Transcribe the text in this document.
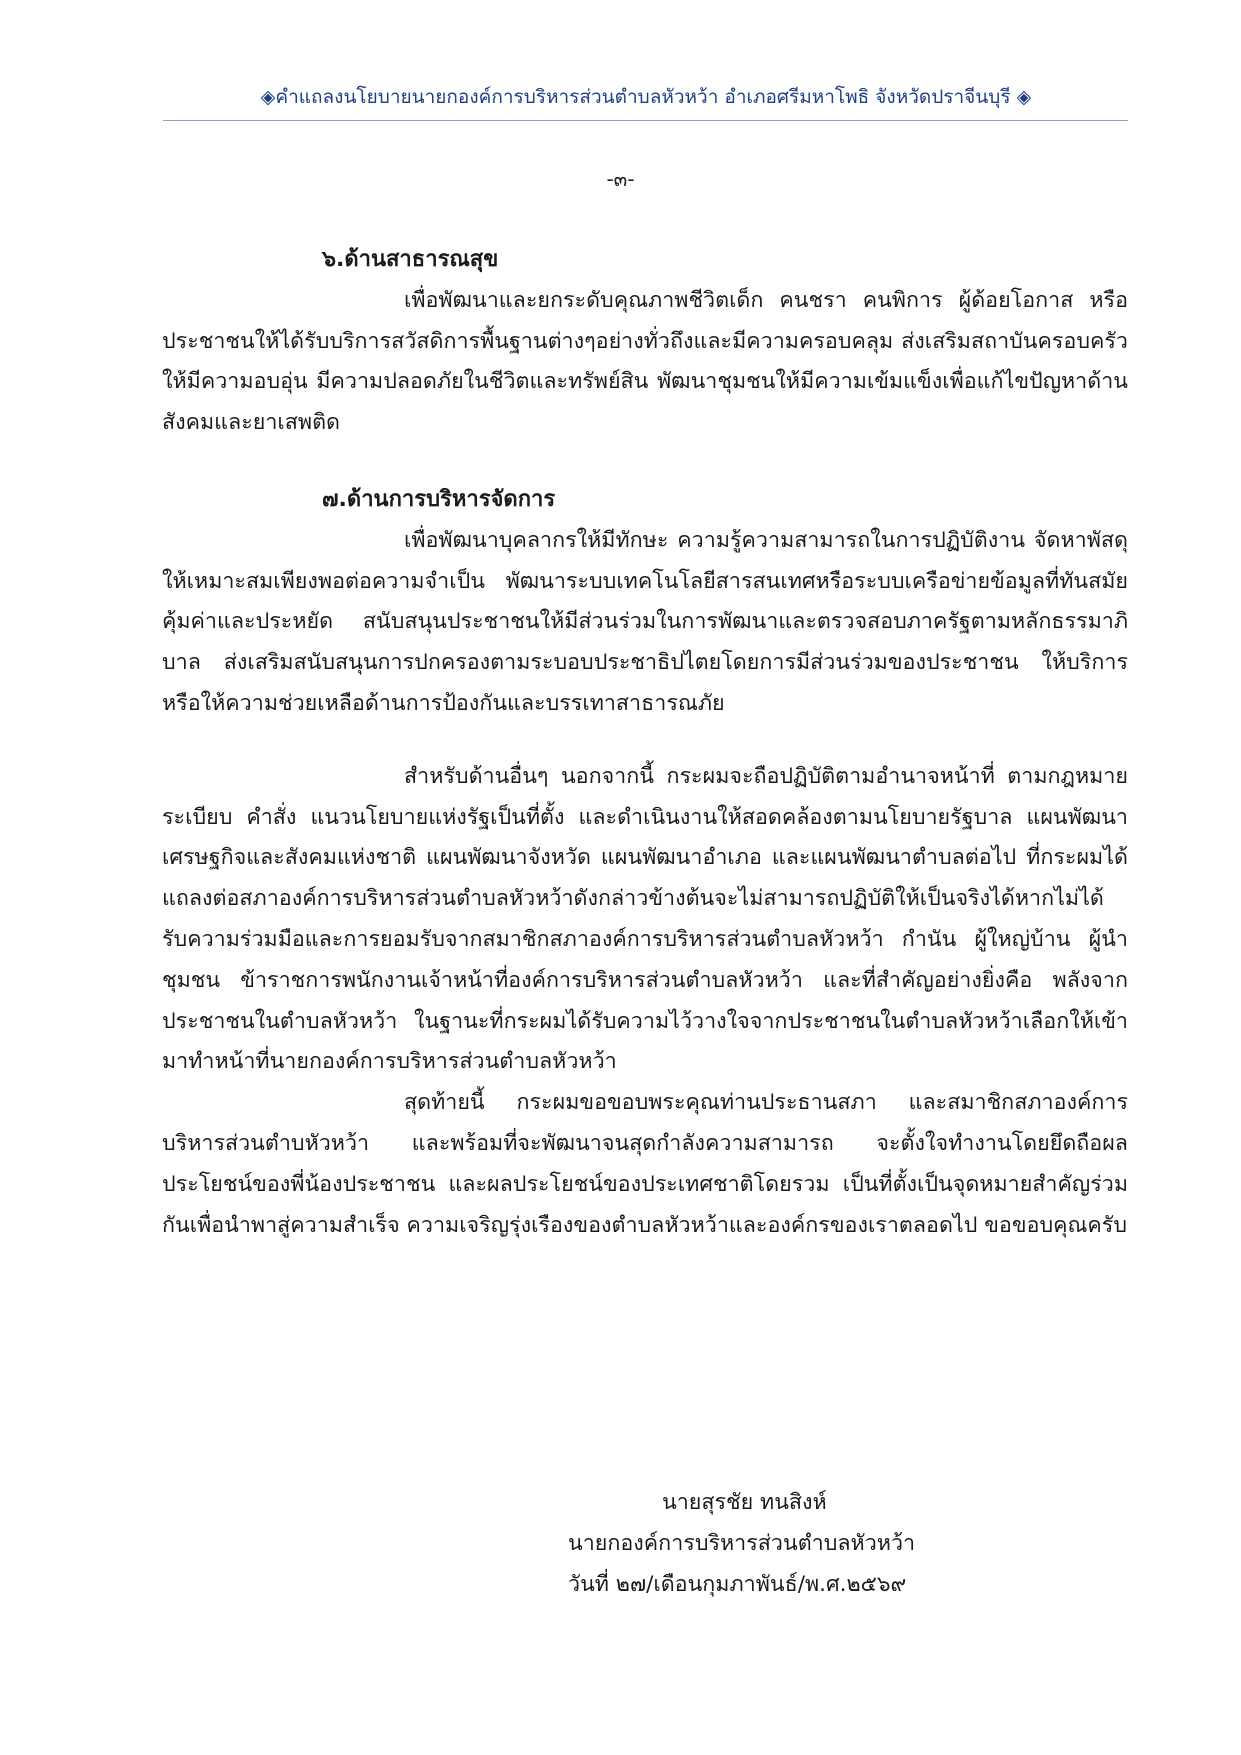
◈คำแถลงนโยบายนายกองค์การบริหารส่วนตำบลหัวหว้า อำเภอศรีมหาโพธิ จังหวัดปราจีนบุรี ◈
-๓-
๖.ด้านสาธารณสุข

เพื่อพัฒนาและยกระดับคุณภาพชีวิตเด็ก คนชรา คนพิการ ผู้ด้อยโอกาส หรือประชาชนให้ได้รับบริการสวัสดิการพื้นฐานต่างๆอย่างทั่วถึงและมีความครอบคลุม ส่งเสริมสถาบันครอบครัวให้มีความอบอุ่น มีความปลอดภัยในชีวิตและทรัพย์สิน พัฒนาชุมชนให้มีความเข้มแข็งเพื่อแก้ไขปัญหาด้านสังคมและยาเสพติด

๗.ด้านการบริหารจัดการ

เพื่อพัฒนาบุคลากรให้มีทักษะ ความรู้ความสามารถในการปฏิบัติงาน จัดหาพัสดุให้เหมาะสมเพียงพอต่อความจำเป็น พัฒนาระบบเทคโนโลยีสารสนเทศหรือระบบเครือข่ายข้อมูลที่ทันสมัย คุ้มค่าและประหยัด สนับสนุนประชาชนให้มีส่วนร่วมในการพัฒนาและตรวจสอบภาครัฐตามหลักธรรมาภิบาล ส่งเสริมสนับสนุนการปกครองตามระบอบประชาธิปไตยโดยการมีส่วนร่วมของประชาชน ให้บริการหรือให้ความช่วยเหลือด้านการป้องกันและบรรเทาสาธารณภัย

สำหรับด้านอื่นๆ นอกจากนี้ กระผมจะถือปฏิบัติตามอำนาจหน้าที่ ตามกฎหมาย ระเบียบ คำสั่ง แนวนโยบายแห่งรัฐเป็นที่ตั้ง และดำเนินงานให้สอดคล้องตามนโยบายรัฐบาล แผนพัฒนาเศรษฐกิจและสังคมแห่งชาติ แผนพัฒนาจังหวัด แผนพัฒนาอำเภอ และแผนพัฒนาตำบลต่อไป ที่กระผมได้แถลงต่อสภาองค์การบริหารส่วนตำบลหัวหว้าดังกล่าวข้างต้นจะไม่สามารถปฏิบัติให้เป็นจริงได้หากไม่ได้รับความร่วมมือและการยอมรับจากสมาชิกสภาองค์การบริหารส่วนตำบลหัวหว้า กำนัน ผู้ใหญ่บ้าน ผู้นำชุมชน ข้าราชการพนักงานเจ้าหน้าที่องค์การบริหารส่วนตำบลหัวหว้า และที่สำคัญอย่างยิ่งคือ พลังจากประชาชนในตำบลหัวหว้า ในฐานะที่กระผมได้รับความไว้วางใจจากประชาชนในตำบลหัวหว้าเลือกให้เข้ามาทำหน้าที่นายกองค์การบริหารส่วนตำบลหัวหว้า

สุดท้ายนี้ กระผมขอขอบพระคุณท่านประธานสภา และสมาชิกสภาองค์การบริหารส่วนตำบหัวหว้า และพร้อมที่จะพัฒนาจนสุดกำลังความสามารถ จะตั้งใจทำงานโดยยึดถือผลประโยชน์ของพี่น้องประชาชน และผลประโยชน์ของประเทศชาติโดยรวม เป็นที่ตั้งเป็นจุดหมายสำคัญร่วมกันเพื่อนำพาสู่ความสำเร็จ ความเจริญรุ่งเรืองของตำบลหัวหว้าและองค์กรของเราตลอดไป ขอขอบคุณครับ

นายสุรชัย ทนสิงห์
นายกองค์การบริหารส่วนตำบลหัวหว้า
วันที่ ๒๗/เดือนกุมภาพันธ์/พ.ศ.๒๕๖๙
